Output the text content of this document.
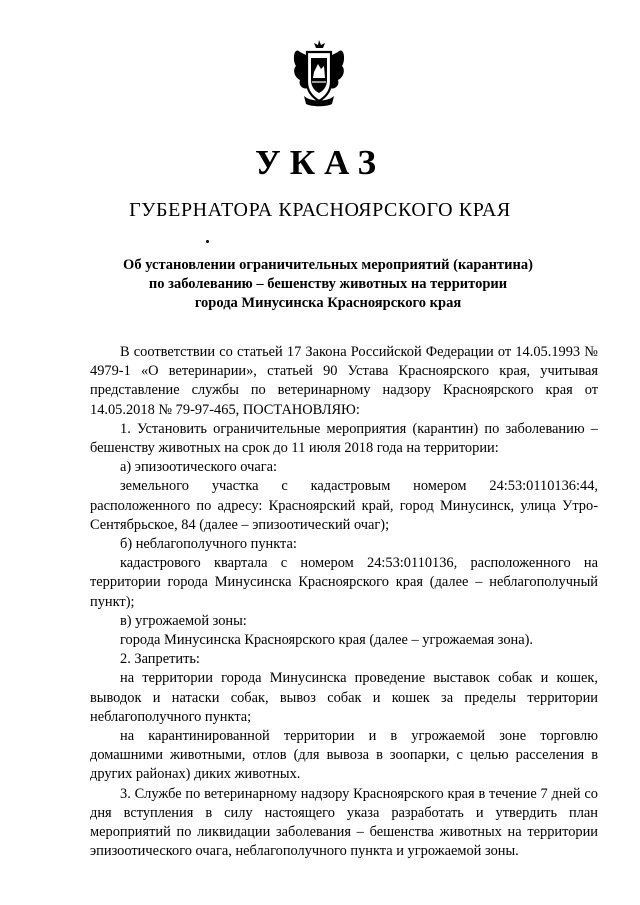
УКАЗ
ГУБЕРНАТОРА КРАСНОЯРСКОГО КРАЯ
Об установлении ограничительных мероприятий (карантина)
по заболеванию – бешенству животных на территории
города Минусинска Красноярского края

В соответствии со статьей 17 Закона Российской Федерации от 14.05.1993 № 4979-1 «О ветеринарии», статьей 90 Устава Красноярского края, учитывая представление службы по ветеринарному надзору Красноярского края от 14.05.2018 № 79-97-465, ПОСТАНОВЛЯЮ:

1. Установить ограничительные мероприятия (карантин) по заболеванию – бешенству животных на срок до 11 июля 2018 года на территории:

а) эпизоотического очага:

земельного участка с кадастровым номером 24:53:0110136:44, расположенного по адресу: Красноярский край, город Минусинск, улица Утро-Сентябрьское, 84 (далее – эпизоотический очаг);

б) неблагополучного пункта:

кадастрового квартала с номером 24:53:0110136, расположенного на территории города Минусинска Красноярского края (далее – неблагополучный пункт);

в) угрожаемой зоны:

города Минусинска Красноярского края (далее – угрожаемая зона).

2. Запретить:

на территории города Минусинска проведение выставок собак и кошек, выводок и натаски собак, вывоз собак и кошек за пределы территории неблагополучного пункта;

на карантинированной территории и в угрожаемой зоне торговлю домашними животными, отлов (для вывоза в зоопарки, с целью расселения в других районах) диких животных.

3. Службе по ветеринарному надзору Красноярского края в течение 7 дней со дня вступления в силу настоящего указа разработать и утвердить план мероприятий по ликвидации заболевания – бешенства животных на территории эпизоотического очага, неблагополучного пункта и угрожаемой зоны.
